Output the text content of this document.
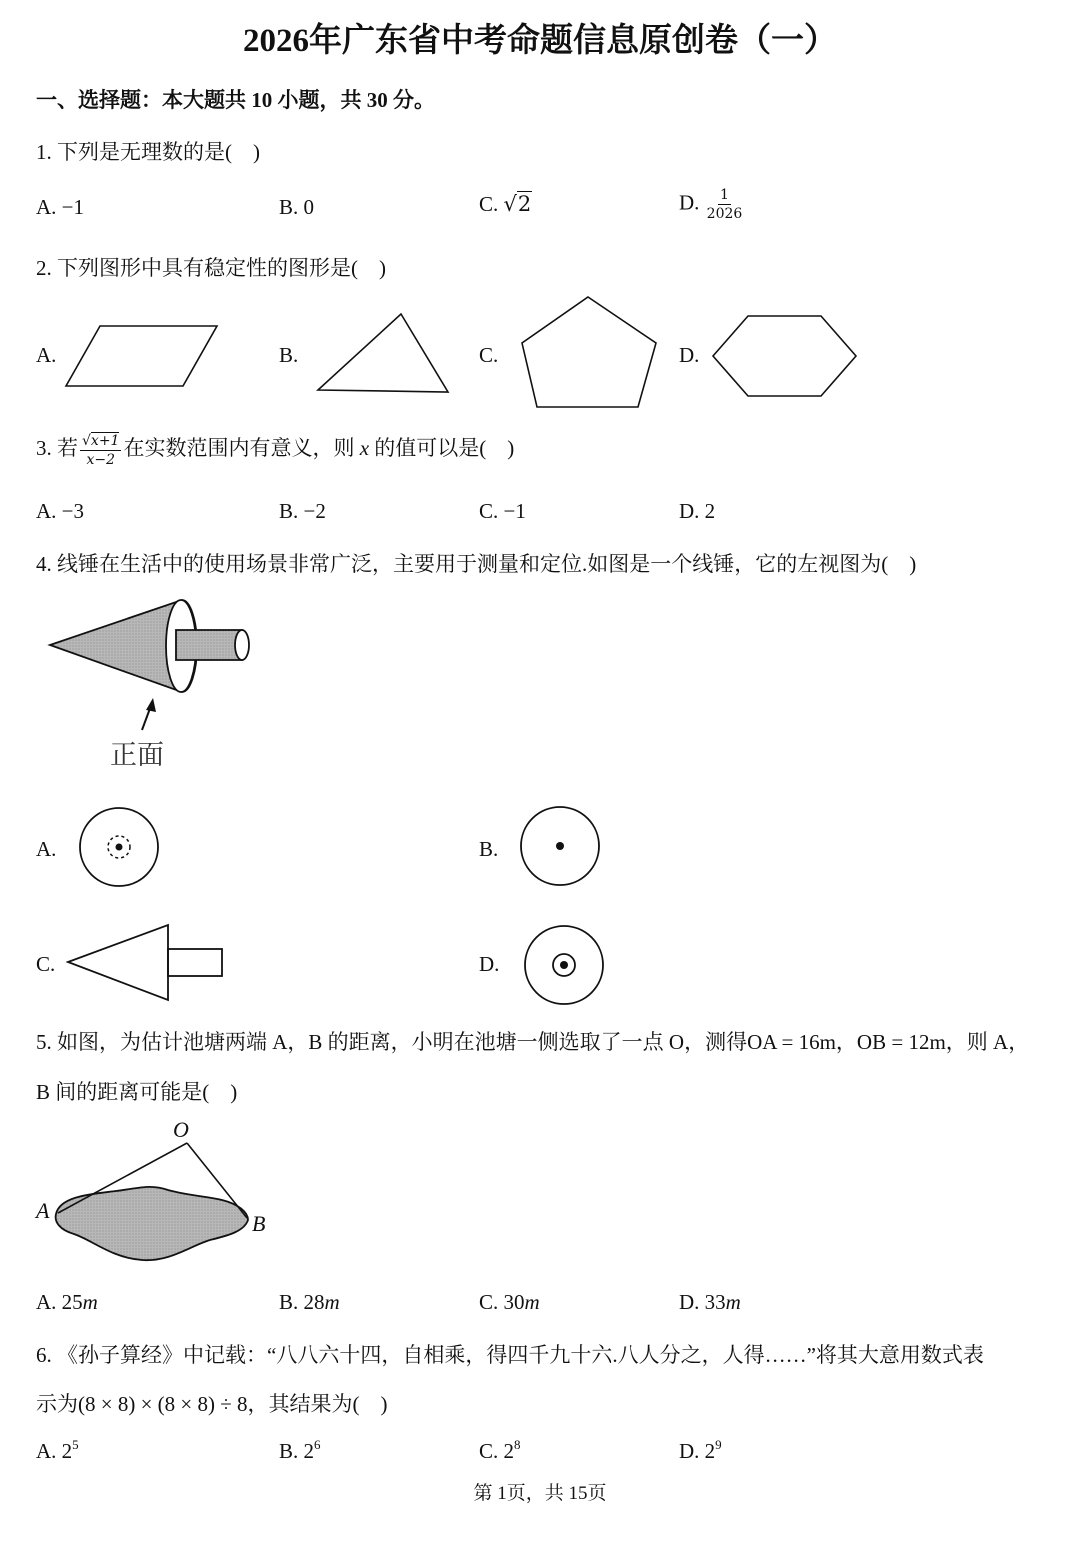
2026年广东省中考命题信息原创卷（一）
一、选择题：本大题共 10 小题，共 30 分。
1. 下列是无理数的是(　)
A. −1	B. 0	C. √2	D. $\frac{1}{2026}$
2. 下列图形中具有稳定性的图形是(　)
A.	B.	C.	D.
3. 若 $\frac{√x+1}{x-2}$ 在实数范围内有意义，则 x 的值可以是(　)
A. −3	B. −2	C. −1	D. 2
4. 线锤在生活中的使用场景非常广泛，主要用于测量和定位.如图是一个线锤，它的左视图为(　)
正面
A.	B.
C.	D.
5. 如图，为估计池塘两端 A，B 的距离，小明在池塘一侧选取了一点 O，测得OA = 16m，OB = 12m，则 A，
B 间的距离可能是(　)
O
A
B
A. 25m	B. 28m	C. 30m	D. 33m
6. 《孙子算经》中记载：“八八六十四，自相乘，得四千九十六.八人分之，人得……”将其大意用数式表
示为(8 × 8) × (8 × 8) ÷ 8，其结果为(　)
A. $2^5$	B. $2^6$	C. $2^8$	D. $2^9$
第 1页，共 15页
